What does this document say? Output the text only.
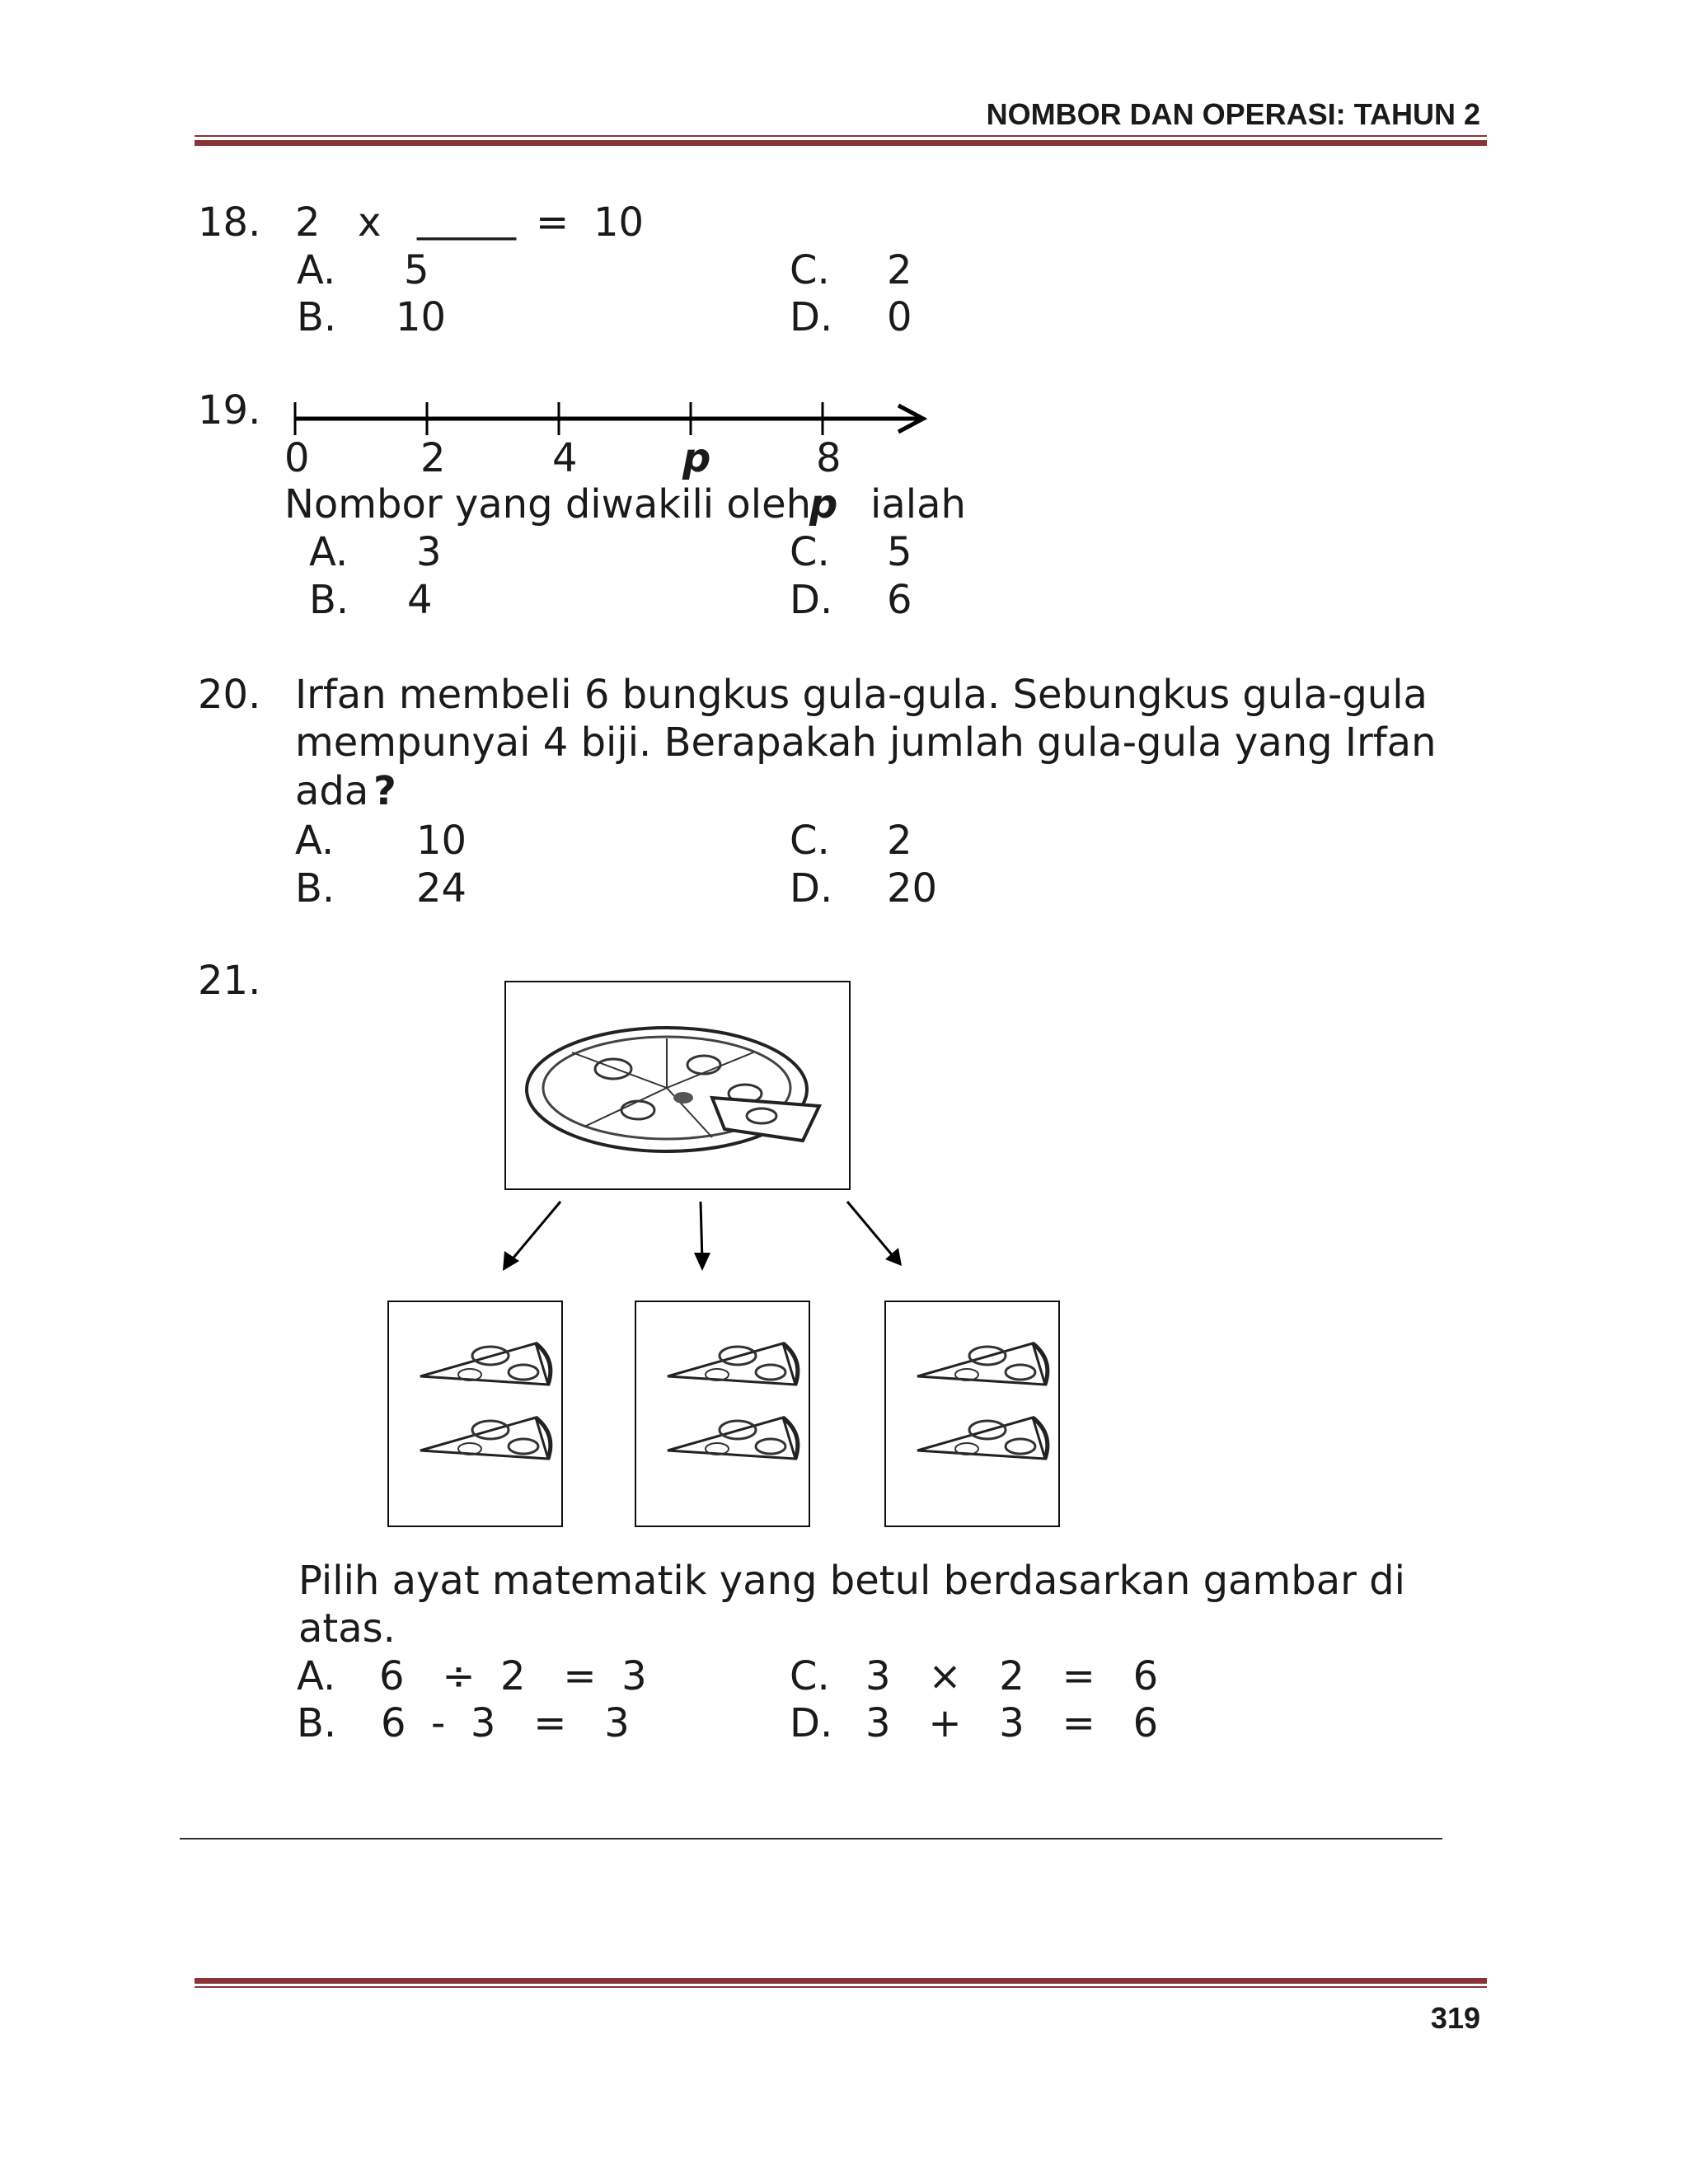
NOMBOR DAN OPERASI: TAHUN 2
18. 2 x _____ = 10
A. 5
B. 10
C. 2
D. 0
19.
0	2	4	p	8
Nombor yang diwakili oleh
p ialah
A. 3
B. 4
C. 5
D. 6
20. Irfan membeli 6 bungkus gula-gula. Sebungkus gula-gula
mempunyai 4 biji. Berapakah jumlah gula-gula yang Irfan
ada ?
A. 10
B. 24
C. 2
D. 20
21.
Pilih ayat matematik yang betul berdasarkan gambar di
atas.
A. 6   ÷  2   =  3
B. 6  -  3   =   3
C. 3   ×   2   =   6
D. 3   +   3   =   6
319
